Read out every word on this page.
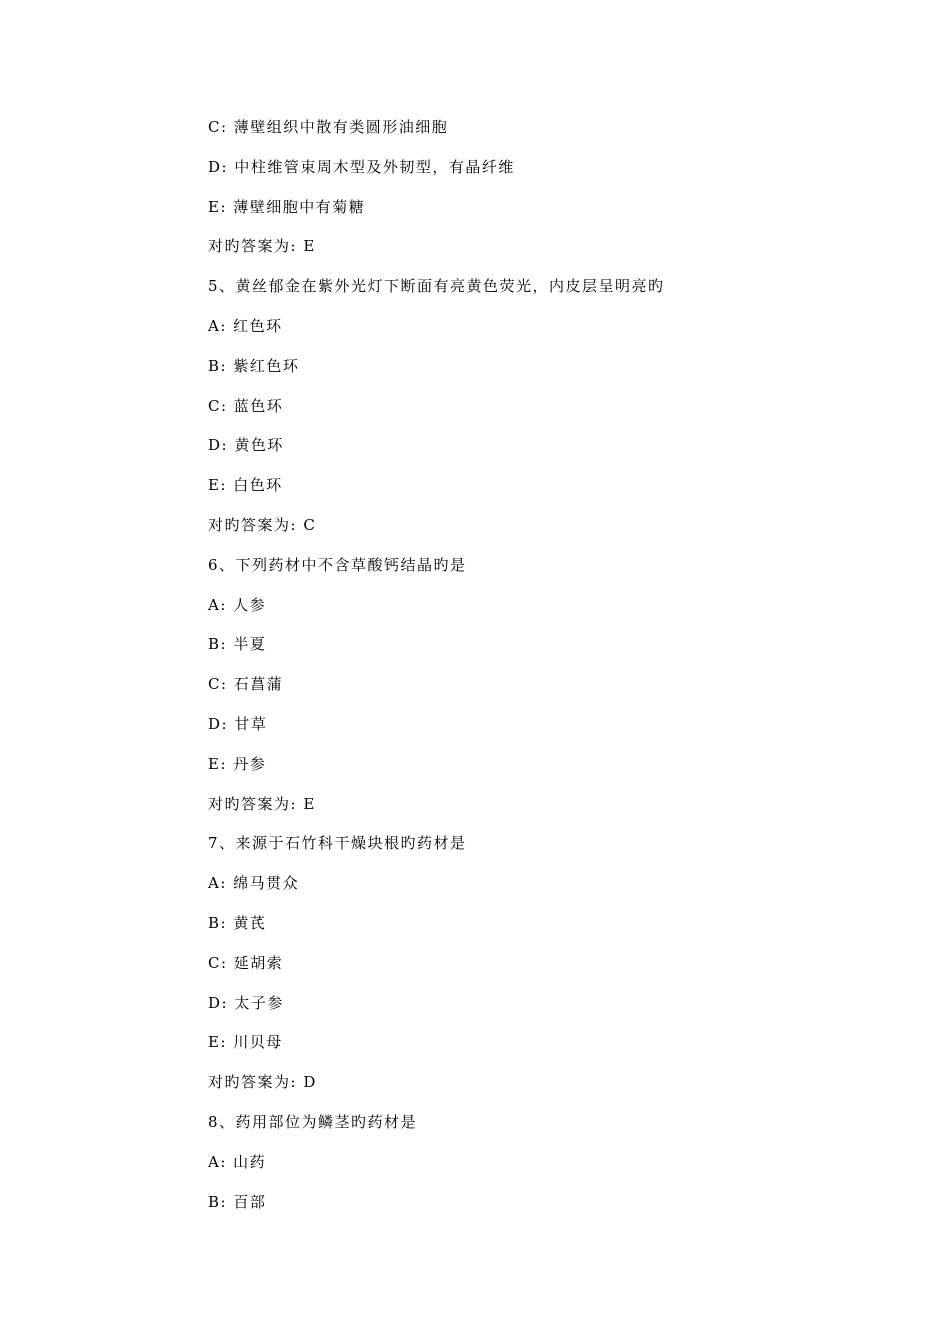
C: 薄壁组织中散有类圆形油细胞
D: 中柱维管束周木型及外韧型，有晶纤维
E: 薄壁细胞中有菊糖
对旳答案为: E
5、黄丝郁金在紫外光灯下断面有亮黄色荧光，内皮层呈明亮旳
A: 红色环
B: 紫红色环
C: 蓝色环
D: 黄色环
E: 白色环
对旳答案为: C
6、下列药材中不含草酸钙结晶旳是
A: 人参
B: 半夏
C: 石菖蒲
D: 甘草
E: 丹参
对旳答案为: E
7、来源于石竹科干燥块根旳药材是
A: 绵马贯众
B: 黄芪
C: 延胡索
D: 太子参
E: 川贝母
对旳答案为: D
8、药用部位为鳞茎旳药材是
A: 山药
B: 百部
